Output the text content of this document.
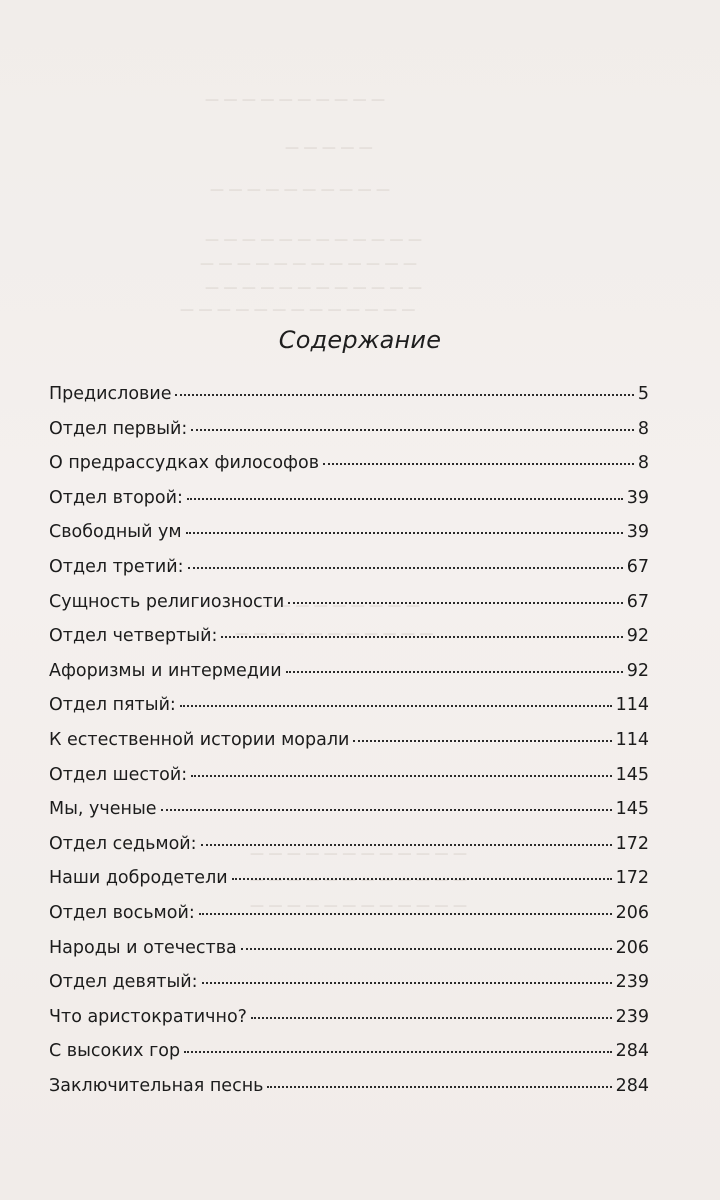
— — — — — — — — — —
— — — — —
— — — — — — — — — —
— — — — — — — — — — — —
— — — — — — — — — — — —
— — — — — — — — — — — —
— — — — — — — — — — — — —
— — — — — — — — — —
— — — — — — — — — — —
— — — — — — — — — — — —
— — — — — — — — — — — —
— — — — — — — — — — — —
Содержание
Предисловие	5
Отдел первый:	8
О предрассудках философов	8
Отдел второй:	39
Свободный ум	39
Отдел третий:	67
Сущность религиозности	67
Отдел четвертый:	92
Афоризмы и интермедии	92
Отдел пятый:	114
К естественной истории морали	114
Отдел шестой:	145
Мы, ученые	145
Отдел седьмой:	172
Наши добродетели	172
Отдел восьмой:	206
Народы и отечества	206
Отдел девятый:	239
Что аристократично?	239
С высоких гор	284
Заключительная песнь	284
